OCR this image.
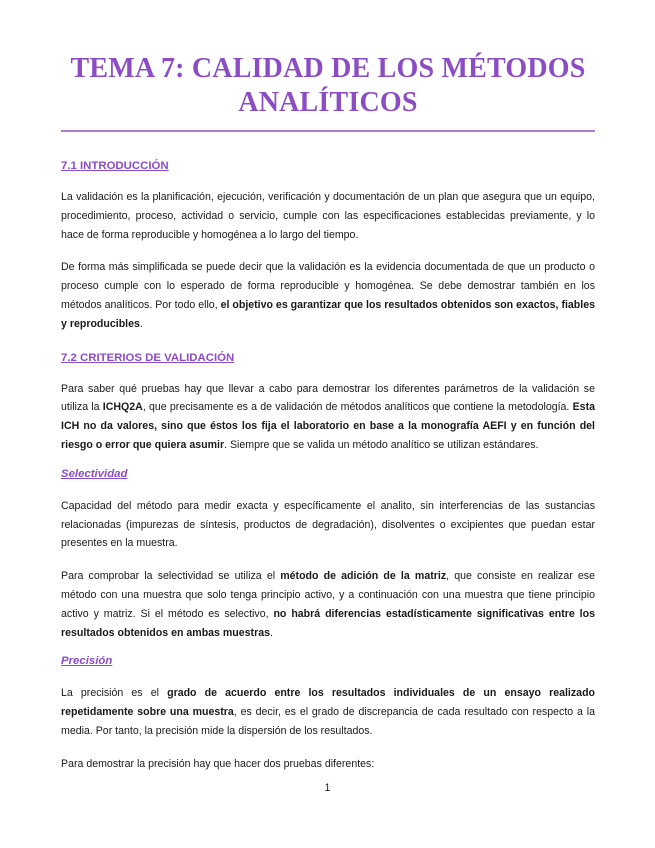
TEMA 7: CALIDAD DE LOS MÉTODOS
ANALÍTICOS
7.1 INTRODUCCIÓN

La validación es la planificación, ejecución, verificación y documentación de un plan que asegura que un equipo, procedimiento, proceso, actividad o servicio, cumple con las especificaciones establecidas previamente, y lo hace de forma reproducible y homogénea a lo largo del tiempo.

De forma más simplificada se puede decir que la validación es la evidencia documentada de que un producto o proceso cumple con lo esperado de forma reproducible y homogénea. Se debe demostrar también en los métodos analíticos. Por todo ello, el objetivo es garantizar que los resultados obtenidos son exactos, fiables y reproducibles.

7.2 CRITERIOS DE VALIDACIÓN

Para saber qué pruebas hay que llevar a cabo para demostrar los diferentes parámetros de la validación se utiliza la ICHQ2A, que precisamente es a de validación de métodos analíticos que contiene la metodología. Esta ICH no da valores, sino que éstos los fija el laboratorio en base a la monografía AEFI y en función del riesgo o error que quiera asumir. Siempre que se valida un método analítico se utilizan estándares.

Selectividad

Capacidad del método para medir exacta y específicamente el analito, sin interferencias de las sustancias relacionadas (impurezas de síntesis, productos de degradación), disolventes o excipientes que puedan estar presentes en la muestra.

Para comprobar la selectividad se utiliza el método de adición de la matriz, que consiste en realizar ese método con una muestra que solo tenga principio activo, y a continuación con una muestra que tiene principio activo y matriz. Si el método es selectivo, no habrá diferencias estadísticamente significativas entre los resultados obtenidos en ambas muestras.

Precisión

La precisión es el grado de acuerdo entre los resultados individuales de un ensayo realizado repetidamente sobre una muestra, es decir, es el grado de discrepancia de cada resultado con respecto a la media. Por tanto, la precisión mide la dispersión de los resultados.

Para demostrar la precisión hay que hacer dos pruebas diferentes:

1
